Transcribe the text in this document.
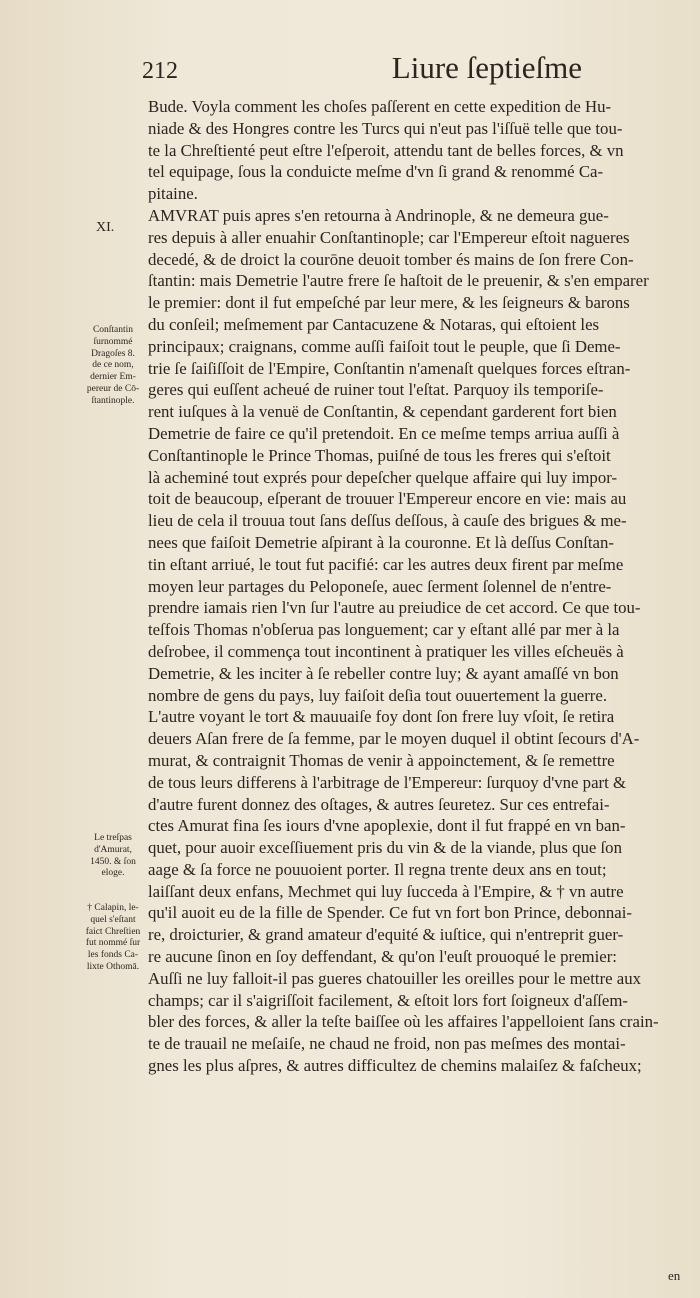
212	Liure ſeptieſme
XI.
Bude. Voyla comment les choſes paſſerent en cette expedition de Hu-
niade & des Hongres contre les Turcs qui n'eut pas l'iſſuë telle que tou-
te la Chreſtienté peut eſtre l'eſperoit, attendu tant de belles forces, & vn
tel equipage, ſous la conduicte meſme d'vn ſi grand & renommé Ca-
pitaine.
AMVRAT puis apres s'en retourna à Andrinople, & ne demeura gue-
res depuis à aller enuahir Conſtantinople; car l'Empereur eſtoit nagueres
decedé, & de droict la courōne deuoit tomber és mains de ſon frere Con-
ſtantin: mais Demetrie l'autre frere ſe haſtoit de le preuenir, & s'en emparer
le premier: dont il fut empeſché par leur mere, & les ſeigneurs & barons
du conſeil; meſmement par Cantacuzene & Notaras, qui eſtoient les
principaux; craignans, comme auſſi faiſoit tout le peuple, que ſi Deme-
trie ſe ſaiſiſſoit de l'Empire, Conſtantin n'amenaſt quelques forces eſtran-
geres qui euſſent acheué de ruiner tout l'eſtat. Parquoy ils temporiſe-
rent iuſques à la venuë de Conſtantin, & cependant garderent fort bien
Demetrie de faire ce qu'il pretendoit. En ce meſme temps arriua auſſi à
Conſtantinople le Prince Thomas, puiſné de tous les freres qui s'eſtoit
là acheminé tout exprés pour depeſcher quelque affaire qui luy impor-
toit de beaucoup, eſperant de trouuer l'Empereur encore en vie: mais au
lieu de cela il trouua tout ſans deſſus deſſous, à cauſe des brigues & me-
nees que faiſoit Demetrie aſpirant à la couronne. Et là deſſus Conſtan-
tin eſtant arriué, le tout fut pacifié: car les autres deux firent par meſme
moyen leur partages du Peloponeſe, auec ſerment ſolennel de n'entre-
prendre iamais rien l'vn ſur l'autre au preiudice de cet accord. Ce que tou-
teſfois Thomas n'obſerua pas longuement; car y eſtant allé par mer à la
deſrobee, il commença tout incontinent à pratiquer les villes eſcheuës à
Demetrie, & les inciter à ſe rebeller contre luy; & ayant amaſſé vn bon
nombre de gens du pays, luy faiſoit deſia tout ouuertement la guerre.
L'autre voyant le tort & mauuaiſe foy dont ſon frere luy vſoit, ſe retira
deuers Aſan frere de ſa femme, par le moyen duquel il obtint ſecours d'A-
murat, & contraignit Thomas de venir à appoinctement, & ſe remettre
de tous leurs differens à l'arbitrage de l'Empereur: ſurquoy d'vne part &
d'autre furent donnez des oſtages, & autres ſeuretez. Sur ces entrefai-
ctes Amurat fina ſes iours d'vne apoplexie, dont il fut frappé en vn ban-
quet, pour auoir exceſſiuement pris du vin & de la viande, plus que ſon
aage & ſa force ne pouuoient porter. Il regna trente deux ans en tout;
laiſſant deux enfans, Mechmet qui luy ſucceda à l'Empire, & † vn autre
qu'il auoit eu de la fille de Spender. Ce fut vn fort bon Prince, debonnai-
re, droicturier, & grand amateur d'equité & iuſtice, qui n'entreprit guer-
re aucune ſinon en ſoy deffendant, & qu'on l'euſt prouoqué le premier:
Auſſi ne luy falloit-il pas gueres chatouiller les oreilles pour le mettre aux
champs; car il s'aigriſſoit facilement, & eſtoit lors fort ſoigneux d'aſſem-
bler des forces, & aller la teſte baiſſee où les affaires l'appelloient ſans crain-
te de trauail ne meſaiſe, ne chaud ne froid, non pas meſmes des montai-
gnes les plus aſpres, & autres difficultez de chemins malaiſez & faſcheux;
Conſtantin
ſurnommé
Dragoſes 8.
de ce nom,
dernier Em-
pereur de Cō-
ſtantinople.
Le treſpas
d'Amurat,
1450. & ſon
eloge.
† Calapin, le-
quel s'eſtant
faict Chreſtien
fut nommé ſur
les fonds Ca-
lixte Othomā.
en
